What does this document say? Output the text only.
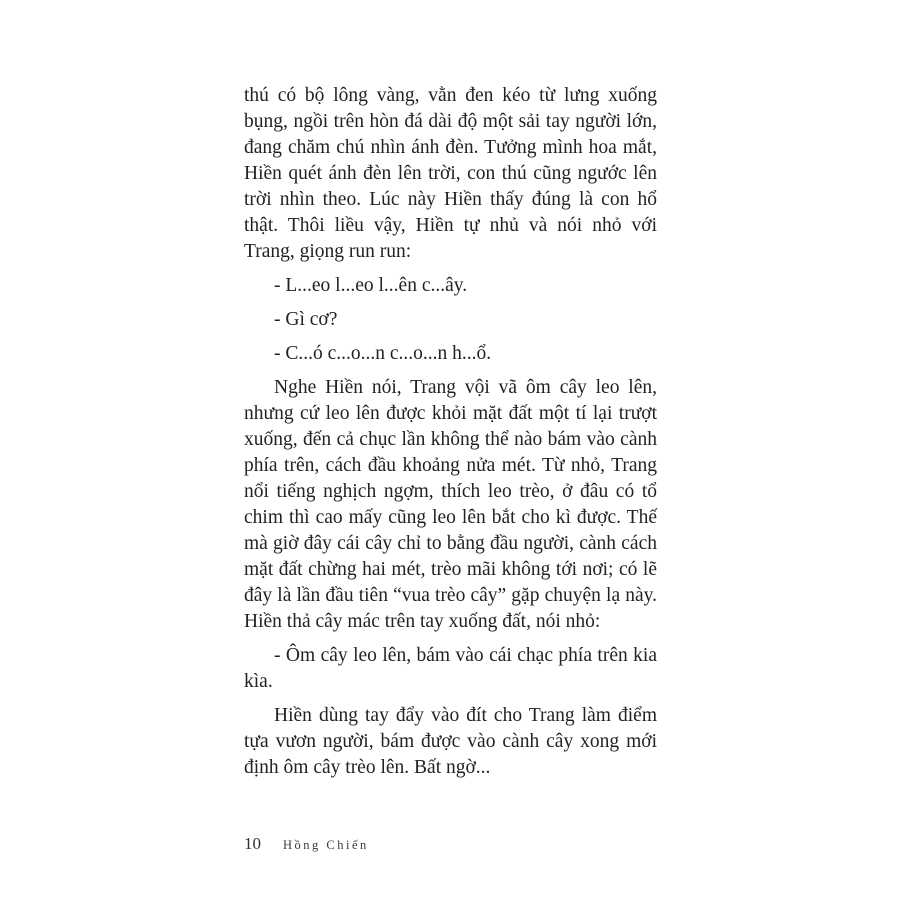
thú có bộ lông vàng, vằn đen kéo từ lưng xuống bụng, ngồi trên hòn đá dài độ một sải tay người lớn, đang chăm chú nhìn ánh đèn. Tưởng mình hoa mắt, Hiền quét ánh đèn lên trời, con thú cũng ngước lên trời nhìn theo. Lúc này Hiền thấy đúng là con hổ thật. Thôi liều vậy, Hiền tự nhủ và nói nhỏ với Trang, giọng run run:

- L...eo l...eo l...ên c...ây.

- Gì cơ?

- C...ó c...o...n c...o...n h...ổ.

Nghe Hiền nói, Trang vội vã ôm cây leo lên, nhưng cứ leo lên được khỏi mặt đất một tí lại trượt xuống, đến cả chục lần không thể nào bám vào cành phía trên, cách đầu khoảng nửa mét. Từ nhỏ, Trang nổi tiếng nghịch ngợm, thích leo trèo, ở đâu có tổ chim thì cao mấy cũng leo lên bắt cho kì được. Thế mà giờ đây cái cây chỉ to bằng đầu người, cành cách mặt đất chừng hai mét, trèo mãi không tới nơi; có lẽ đây là lần đầu tiên “vua trèo cây” gặp chuyện lạ này. Hiền thả cây mác trên tay xuống đất, nói nhỏ:

- Ôm cây leo lên, bám vào cái chạc phía trên kia kìa.

Hiền dùng tay đẩy vào đít cho Trang làm điểm tựa vươn người, bám được vào cành cây xong mới định ôm cây trèo lên. Bất ngờ...

10 Hồng Chiến
